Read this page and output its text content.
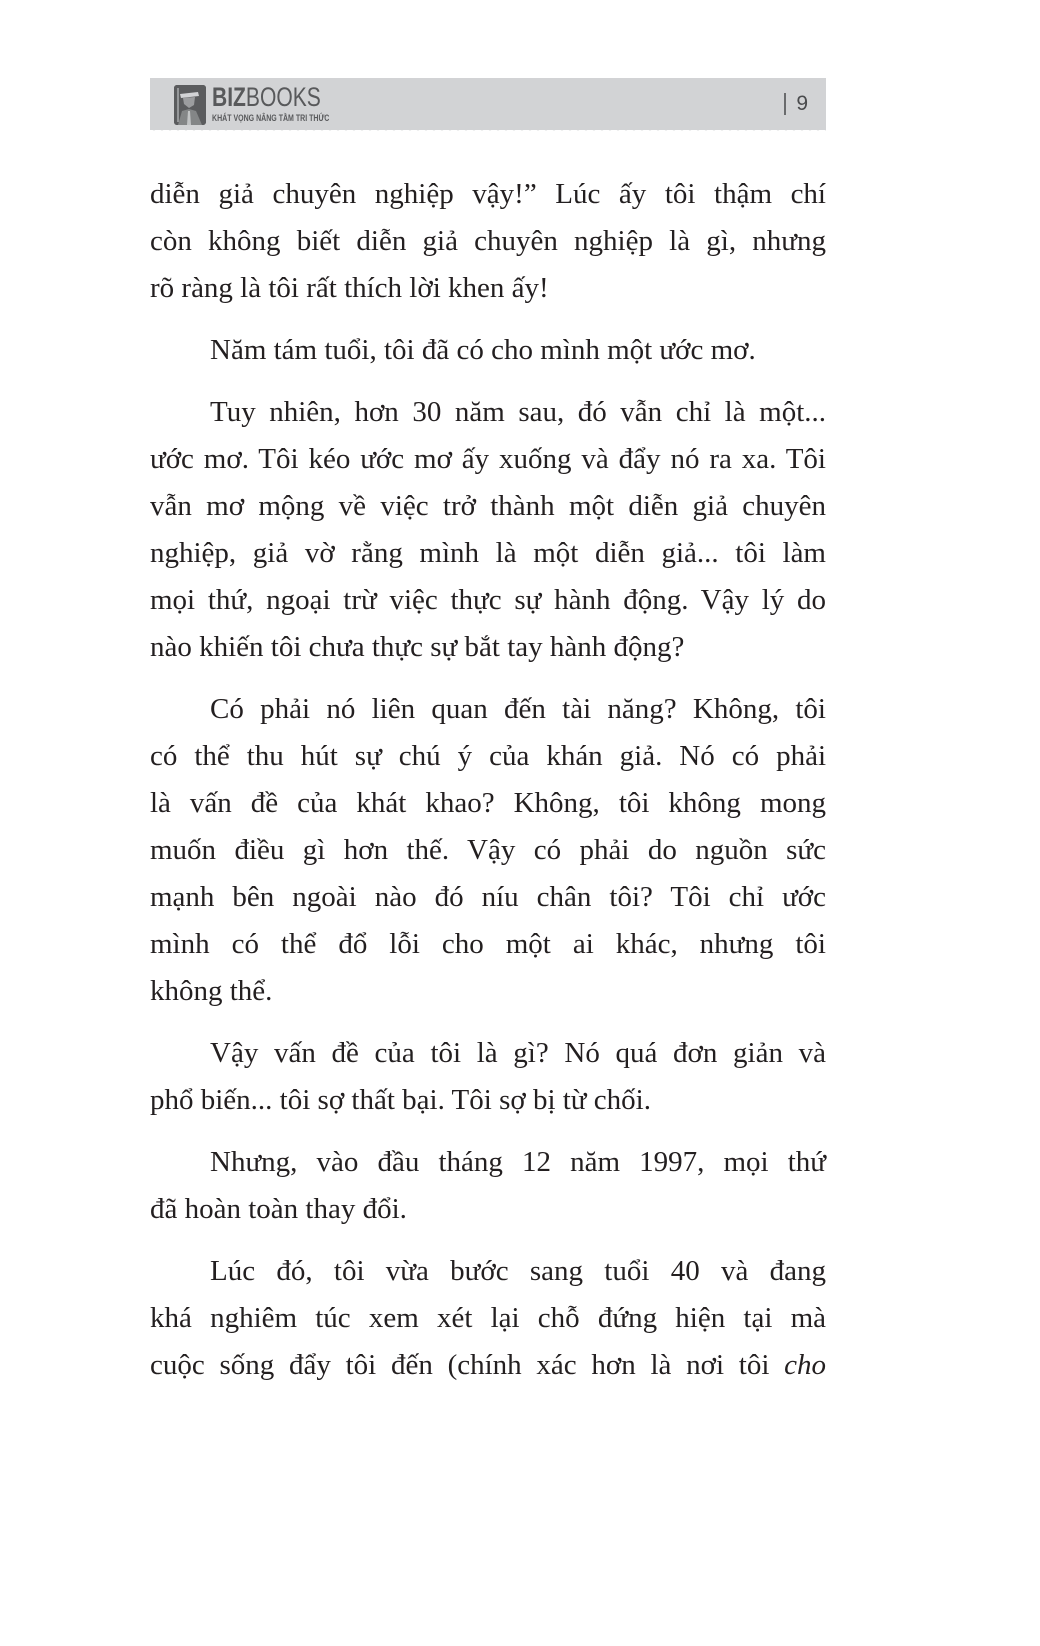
BIZBOOKS
KHÁT VỌNG NÂNG TẦM TRI THỨC
9
diễn giả chuyên nghiệp vậy!” Lúc ấy tôi thậm chí
còn không biết diễn giả chuyên nghiệp là gì, nhưng
rõ ràng là tôi rất thích lời khen ấy!
Năm tám tuổi, tôi đã có cho mình một ước mơ.
Tuy nhiên, hơn 30 năm sau, đó vẫn chỉ là một...
ước mơ. Tôi kéo ước mơ ấy xuống và đẩy nó ra xa. Tôi
vẫn mơ mộng về việc trở thành một diễn giả chuyên
nghiệp, giả vờ rằng mình là một diễn giả... tôi làm
mọi thứ, ngoại trừ việc thực sự hành động. Vậy lý do
nào khiến tôi chưa thực sự bắt tay hành động?
Có phải nó liên quan đến tài năng? Không, tôi
có thể thu hút sự chú ý của khán giả. Nó có phải
là vấn đề của khát khao? Không, tôi không mong
muốn điều gì hơn thế. Vậy có phải do nguồn sức
mạnh bên ngoài nào đó níu chân tôi? Tôi chỉ ước
mình có thể đổ lỗi cho một ai khác, nhưng tôi
không thể.
Vậy vấn đề của tôi là gì? Nó quá đơn giản và
phổ biến... tôi sợ thất bại. Tôi sợ bị từ chối.
Nhưng, vào đầu tháng 12 năm 1997, mọi thứ
đã hoàn toàn thay đổi.
Lúc đó, tôi vừa bước sang tuổi 40 và đang
khá nghiêm túc xem xét lại chỗ đứng hiện tại mà
cuộc sống đẩy tôi đến (chính xác hơn là nơi tôi cho
